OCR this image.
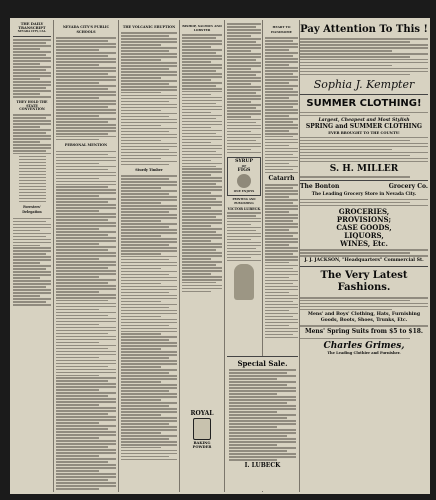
THE DAILY TRANSCRIPT
NEVADA CITY, CAL.
THEY HOLD THE STATE CONVENTION
Foresters' Delegation
NEVADA CITY'S PUBLIC SCHOOLS
PERSONAL MENTION
THE VOLCANIC ERUPTION
Sturdy Timber
BISHOP, SALMON AND LOBSTER
ROYAL
BAKING POWDER
SYRUP
OF
FIGS
ONE ENJOYS
PRINTING AND PUBLISHING
VICTOR LUBECK
HEART TO HANDSOME
Catarrh
Special Sale.
I. LUBECK
Pay Attention To This !
Sophia J. Kempter
SUMMER CLOTHING!
Largest, Cheapest and Most Stylish
SPRING and SUMMER CLOTHING
EVER BROUGHT TO THE COUNTY!
S. H. MILLER
The Bonton	Grocery Co.
The Leading Grocery Store in Nevada City.
GROCERIES,
PROVISIONS;
CASE GOODS,
LIQUORS,
WINES, Etc.
J. J. JACKSON, "Headquarters" Commercial St.
The Very Latest Fashions.
Mens' and Boys' Clothing, Hats, Furnishing Goods, Boots, Shoes, Trunks, Etc.
Mens' Spring Suits from $5 to $18.
Charles Grimes,
The Leading Clothier and Furnisher.
